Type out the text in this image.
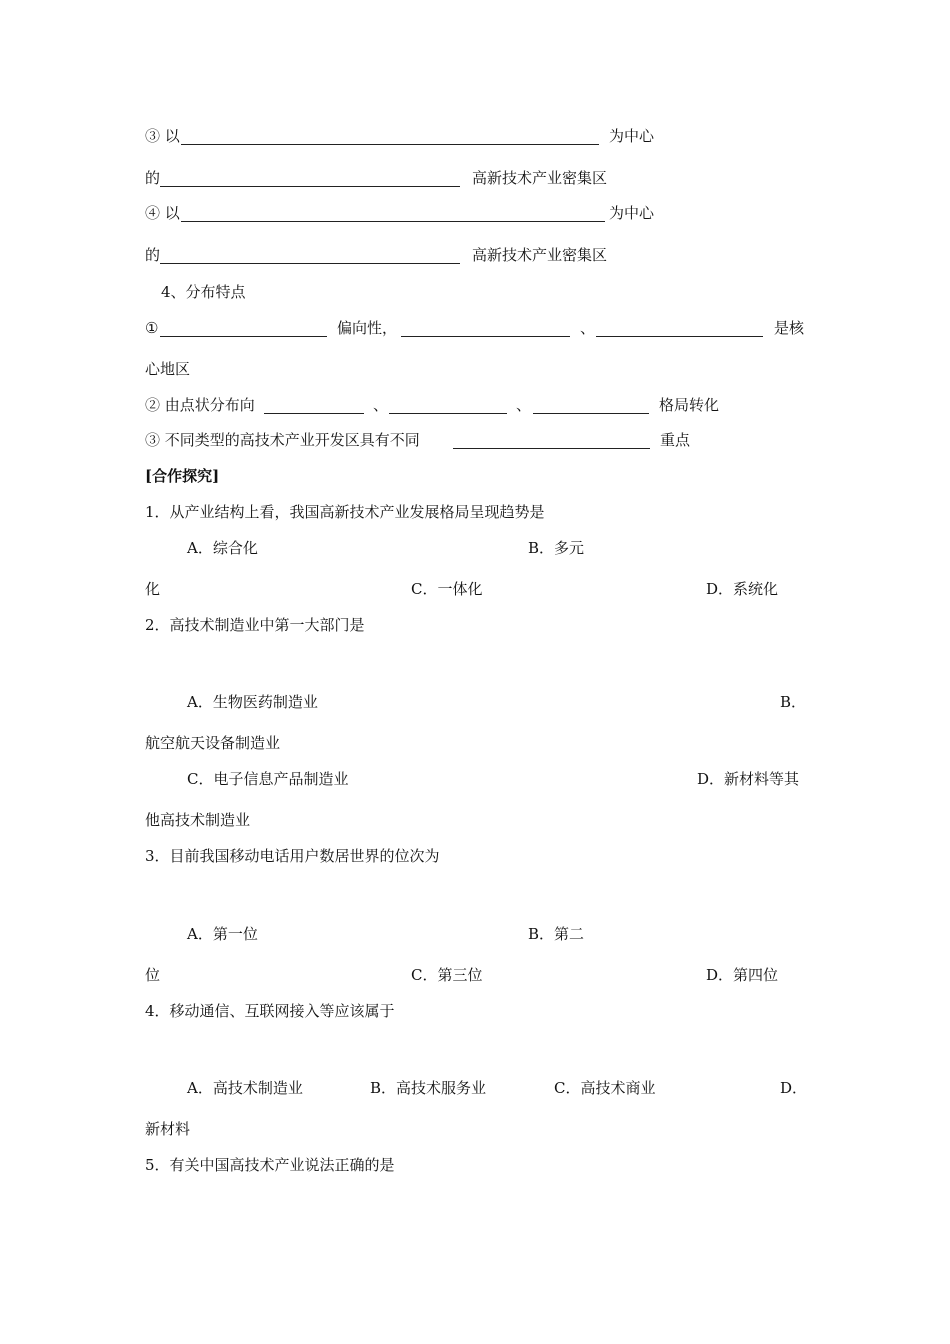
③ 以	为中心
的	高新技术产业密集区
④ 以	为中心
的	高新技术产业密集区
4、分布特点
①	偏向性，	、	是核
心地区
② 由点状分布向	、	、	格局转化
③ 不同类型的高技术产业开发区具有不同	重点
[合作探究]
1．从产业结构上看，我国高新技术产业发展格局呈现趋势是
A．综合化	B．多元
化	C．一体化	D．系统化
2．高技术制造业中第一大部门是
A．生物医药制造业	B．
航空航天设备制造业
C．电子信息产品制造业	D．新材料等其
他高技术制造业
3．目前我国移动电话用户数居世界的位次为
A．第一位	B．第二
位	C．第三位	D．第四位
4．移动通信、互联网接入等应该属于
A．高技术制造业	B．高技术服务业	C．高技术商业	D．
新材料
5．有关中国高技术产业说法正确的是
